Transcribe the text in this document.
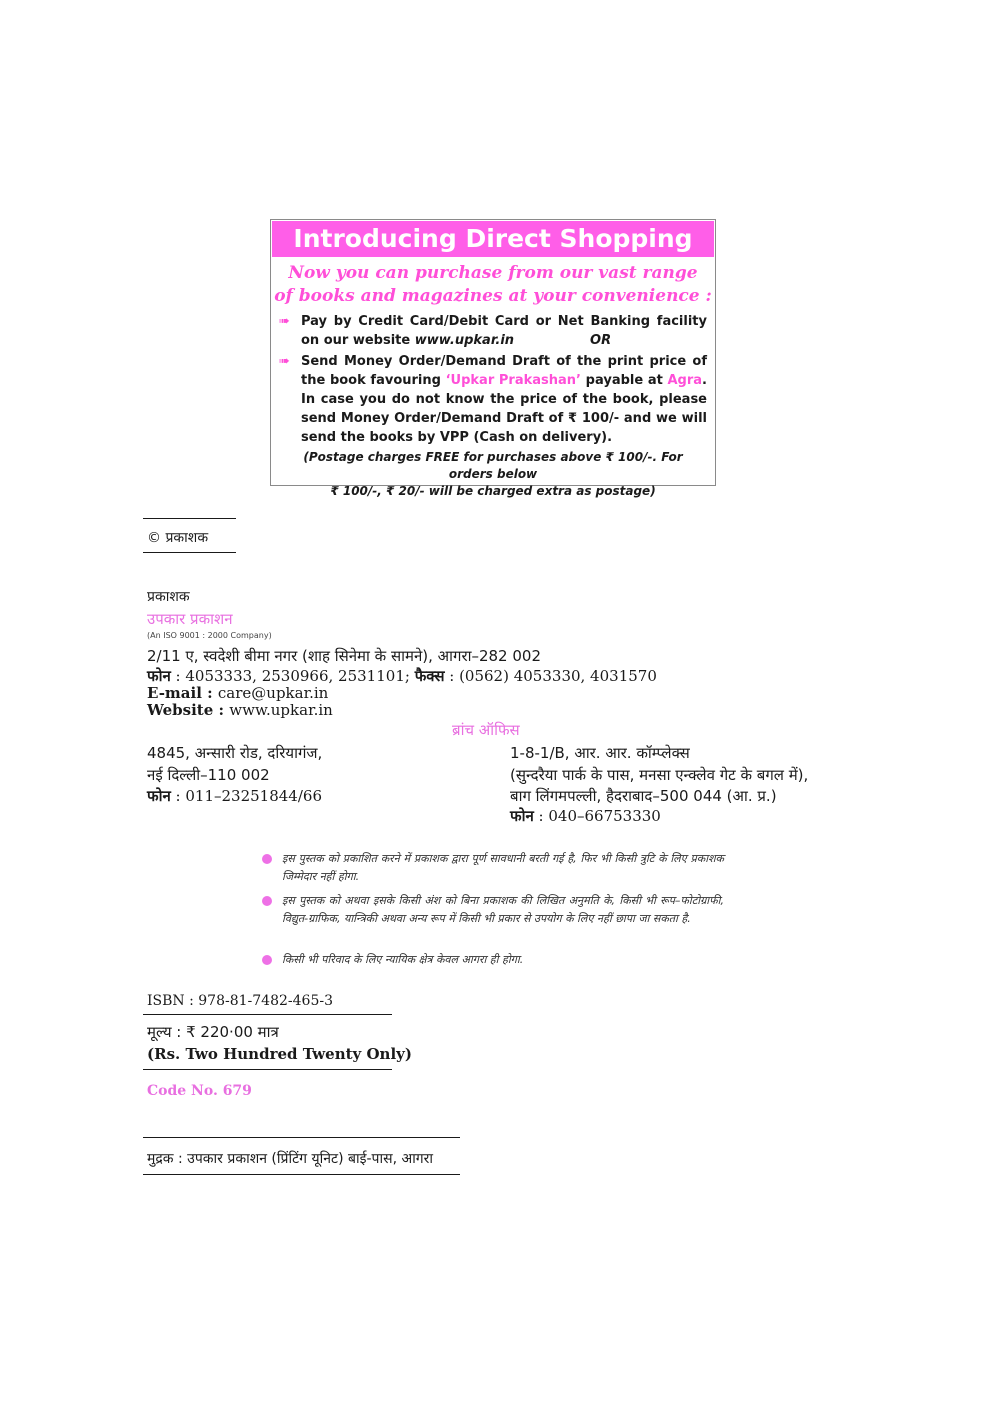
Introducing Direct Shopping
Now you can purchase from our vast range
of books and magazines at your convenience :
➠ Pay by Credit Card/Debit Card or Net Banking facility on our website www.upkar.in	OR
➠ Send Money Order/Demand Draft of the print price of the book favouring ‘Upkar Prakashan’ payable at Agra. In case you do not know the price of the book, please send Money Order/Demand Draft of ₹ 100/- and we will send the books by VPP (Cash on delivery).
(Postage charges FREE for purchases above ₹ 100/-. For orders below
₹ 100/-, ₹ 20/- will be charged extra as postage)
© प्रकाशक
प्रकाशक
उपकार प्रकाशन
(An ISO 9001 : 2000 Company)
2/11 ए, स्वदेशी बीमा नगर (शाह सिनेमा के सामने), आगरा–282 002
फोन : 4053333, 2530966, 2531101; फैक्स : (0562) 4053330, 4031570
E-mail : care@upkar.in
Website : www.upkar.in
ब्रांच ऑफिस
4845, अन्सारी रोड, दरियागंज,
नई दिल्ली–110 002
फोन : 011–23251844/66
1-8-1/B, आर. आर. कॉम्प्लेक्स
(सुन्दरैया पार्क के पास, मनसा एन्क्लेव गेट के बगल में),
बाग लिंगमपल्ली, हैदराबाद–500 044 (आ. प्र.)
फोन : 040–66753330
इस पुस्तक को प्रकाशित करने में प्रकाशक द्वारा पूर्ण सावधानी बरती गई है, फिर भी किसी त्रुटि के लिए प्रकाशक जिम्मेदार नहीं होगा.
इस पुस्तक को अथवा इसके किसी अंश को बिना प्रकाशक की लिखित अनुमति के, किसी भी रूप–फोटोग्राफी, विद्युत-ग्राफिक, यान्त्रिकी अथवा अन्य रूप में किसी भी प्रकार से उपयोग के लिए नहीं छापा जा सकता है.
किसी भी परिवाद के लिए न्यायिक क्षेत्र केवल आगरा ही होगा.
ISBN : 978-81-7482-465-3
मूल्य : ₹ 220·00 मात्र
(Rs. Two Hundred Twenty Only)
Code No. 679
मुद्रक : उपकार प्रकाशन (प्रिंटिंग यूनिट) बाई-पास, आगरा
